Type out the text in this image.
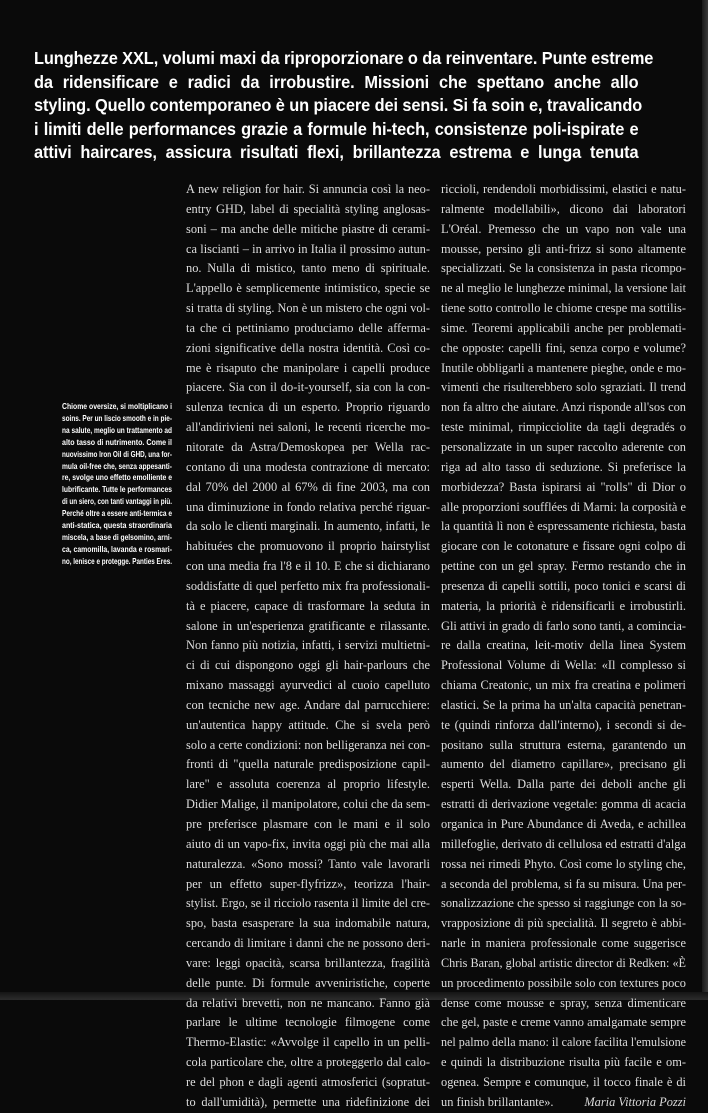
Lunghezze XXL, volumi maxi da riproporzionare o da reinventare. Punte estreme
da ridensificare e radici da irrobustire. Missioni che spettano anche allo
styling. Quello contemporaneo è un piacere dei sensi. Si fa soin e, travalicando
i limiti delle performances grazie a formule hi-tech, consistenze poli-ispirate e
attivi haircares, assicura risultati flexi, brillantezza estrema e lunga tenuta
Chiome oversize, si moltiplicano i
soins. Per un liscio smooth e in pie-
na salute, meglio un trattamento ad
alto tasso di nutrimento. Come il
nuovissimo Iron Oil di GHD, una for-
mula oil-free che, senza appesanti-
re, svolge uno effetto emolliente e
lubrificante. Tutte le performances
di un siero, con tanti vantaggi in più.
Perché oltre a essere anti-termica e
anti-statica, questa straordinaria
miscela, a base di gelsomino, arni-
ca, camomilla, lavanda e rosmari-
no, lenisce e protegge. Panties Eres.
A new religion for hair. Si annuncia così la neo-
entry GHD, label di specialità styling anglosas-
soni – ma anche delle mitiche piastre di cerami-
ca liscianti – in arrivo in Italia il prossimo autun-
no. Nulla di mistico, tanto meno di spirituale.
L'appello è semplicemente intimistico, specie se
si tratta di styling. Non è un mistero che ogni vol-
ta che ci pettiniamo produciamo delle afferma-
zioni significative della nostra identità. Così co-
me è risaputo che manipolare i capelli produce
piacere. Sia con il do-it-yourself, sia con la con-
sulenza tecnica di un esperto. Proprio riguardo
all'andirivieni nei saloni, le recenti ricerche mo-
nitorate da Astra/Demoskopea per Wella rac-
contano di una modesta contrazione di mercato:
dal 70% del 2000 al 67% di fine 2003, ma con
una diminuzione in fondo relativa perché riguar-
da solo le clienti marginali. In aumento, infatti, le
habituées che promuovono il proprio hairstylist
con una media fra l'8 e il 10. E che si dichiarano
soddisfatte di quel perfetto mix fra professionali-
tà e piacere, capace di trasformare la seduta in
salone in un'esperienza gratificante e rilassante.
Non fanno più notizia, infatti, i servizi multietni-
ci di cui dispongono oggi gli hair-parlours che
mixano massaggi ayurvedici al cuoio capelluto
con tecniche new age. Andare dal parrucchiere:
un'autentica happy attitude. Che si svela però
solo a certe condizioni: non belligeranza nei con-
fronti di "quella naturale predisposizione capil-
lare" e assoluta coerenza al proprio lifestyle.
Didier Malige, il manipolatore, colui che da sem-
pre preferisce plasmare con le mani e il solo
aiuto di un vapo-fix, invita oggi più che mai alla
naturalezza. «Sono mossi? Tanto vale lavorarli
per un effetto super-flyfrizz», teorizza l'hair-
stylist. Ergo, se il ricciolo rasenta il limite del cre-
spo, basta esasperare la sua indomabile natura,
cercando di limitare i danni che ne possono deri-
vare: leggi opacità, scarsa brillantezza, fragilità
delle punte. Di formule avveniristiche, coperte
da relativi brevetti, non ne mancano. Fanno già
parlare le ultime tecnologie filmogene come
Thermo-Elastic: «Avvolge il capello in un pelli-
cola particolare che, oltre a proteggerlo dal calo-
re del phon e dagli agenti atmosferici (sopratut-
to dall'umidità), permette una ridefinizione dei
riccioli, rendendoli morbidissimi, elastici e natu-
ralmente modellabili», dicono dai laboratori
L'Oréal. Premesso che un vapo non vale una
mousse, persino gli anti-frizz si sono altamente
specializzati. Se la consistenza in pasta ricompo-
ne al meglio le lunghezze minimal, la versione lait
tiene sotto controllo le chiome crespe ma sottilis-
sime. Teoremi applicabili anche per problemati-
che opposte: capelli fini, senza corpo e volume?
Inutile obbligarli a mantenere pieghe, onde e mo-
vimenti che risulterebbero solo sgraziati. Il trend
non fa altro che aiutare. Anzi risponde all'sos con
teste minimal, rimpicciolite da tagli degradés o
personalizzate in un super raccolto aderente con
riga ad alto tasso di seduzione. Si preferisce la
morbidezza? Basta ispirarsi ai "rolls" di Dior o
alle proporzioni soufflées di Marni: la corposità e
la quantità lì non è espressamente richiesta, basta
giocare con le cotonature e fissare ogni colpo di
pettine con un gel spray. Fermo restando che in
presenza di capelli sottili, poco tonici e scarsi di
materia, la priorità è ridensificarli e irrobustirli.
Gli attivi in grado di farlo sono tanti, a comincia-
re dalla creatina, leit-motiv della linea System
Professional Volume di Wella: «Il complesso si
chiama Creatonic, un mix fra creatina e polimeri
elastici. Se la prima ha un'alta capacità penetran-
te (quindi rinforza dall'interno), i secondi si de-
positano sulla struttura esterna, garantendo un
aumento del diametro capillare», precisano gli
esperti Wella. Dalla parte dei deboli anche gli
estratti di derivazione vegetale: gomma di acacia
organica in Pure Abundance di Aveda, e achillea
millefoglie, derivato di cellulosa ed estratti d'alga
rossa nei rimedi Phyto. Così come lo styling che,
a seconda del problema, si fa su misura. Una per-
sonalizzazione che spesso si raggiunge con la so-
vrapposizione di più specialità. Il segreto è abbi-
narle in maniera professionale come suggerisce
Chris Baran, global artistic director di Redken: «È
un procedimento possibile solo con textures poco
dense come mousse e spray, senza dimenticare
che gel, paste e creme vanno amalgamate sempre
nel palmo della mano: il calore facilita l'emulsione
e quindi la distribuzione risulta più facile e om-
ogenea. Sempre e comunque, il tocco finale è di
un finish brillantante». Maria Vittoria Pozzi
